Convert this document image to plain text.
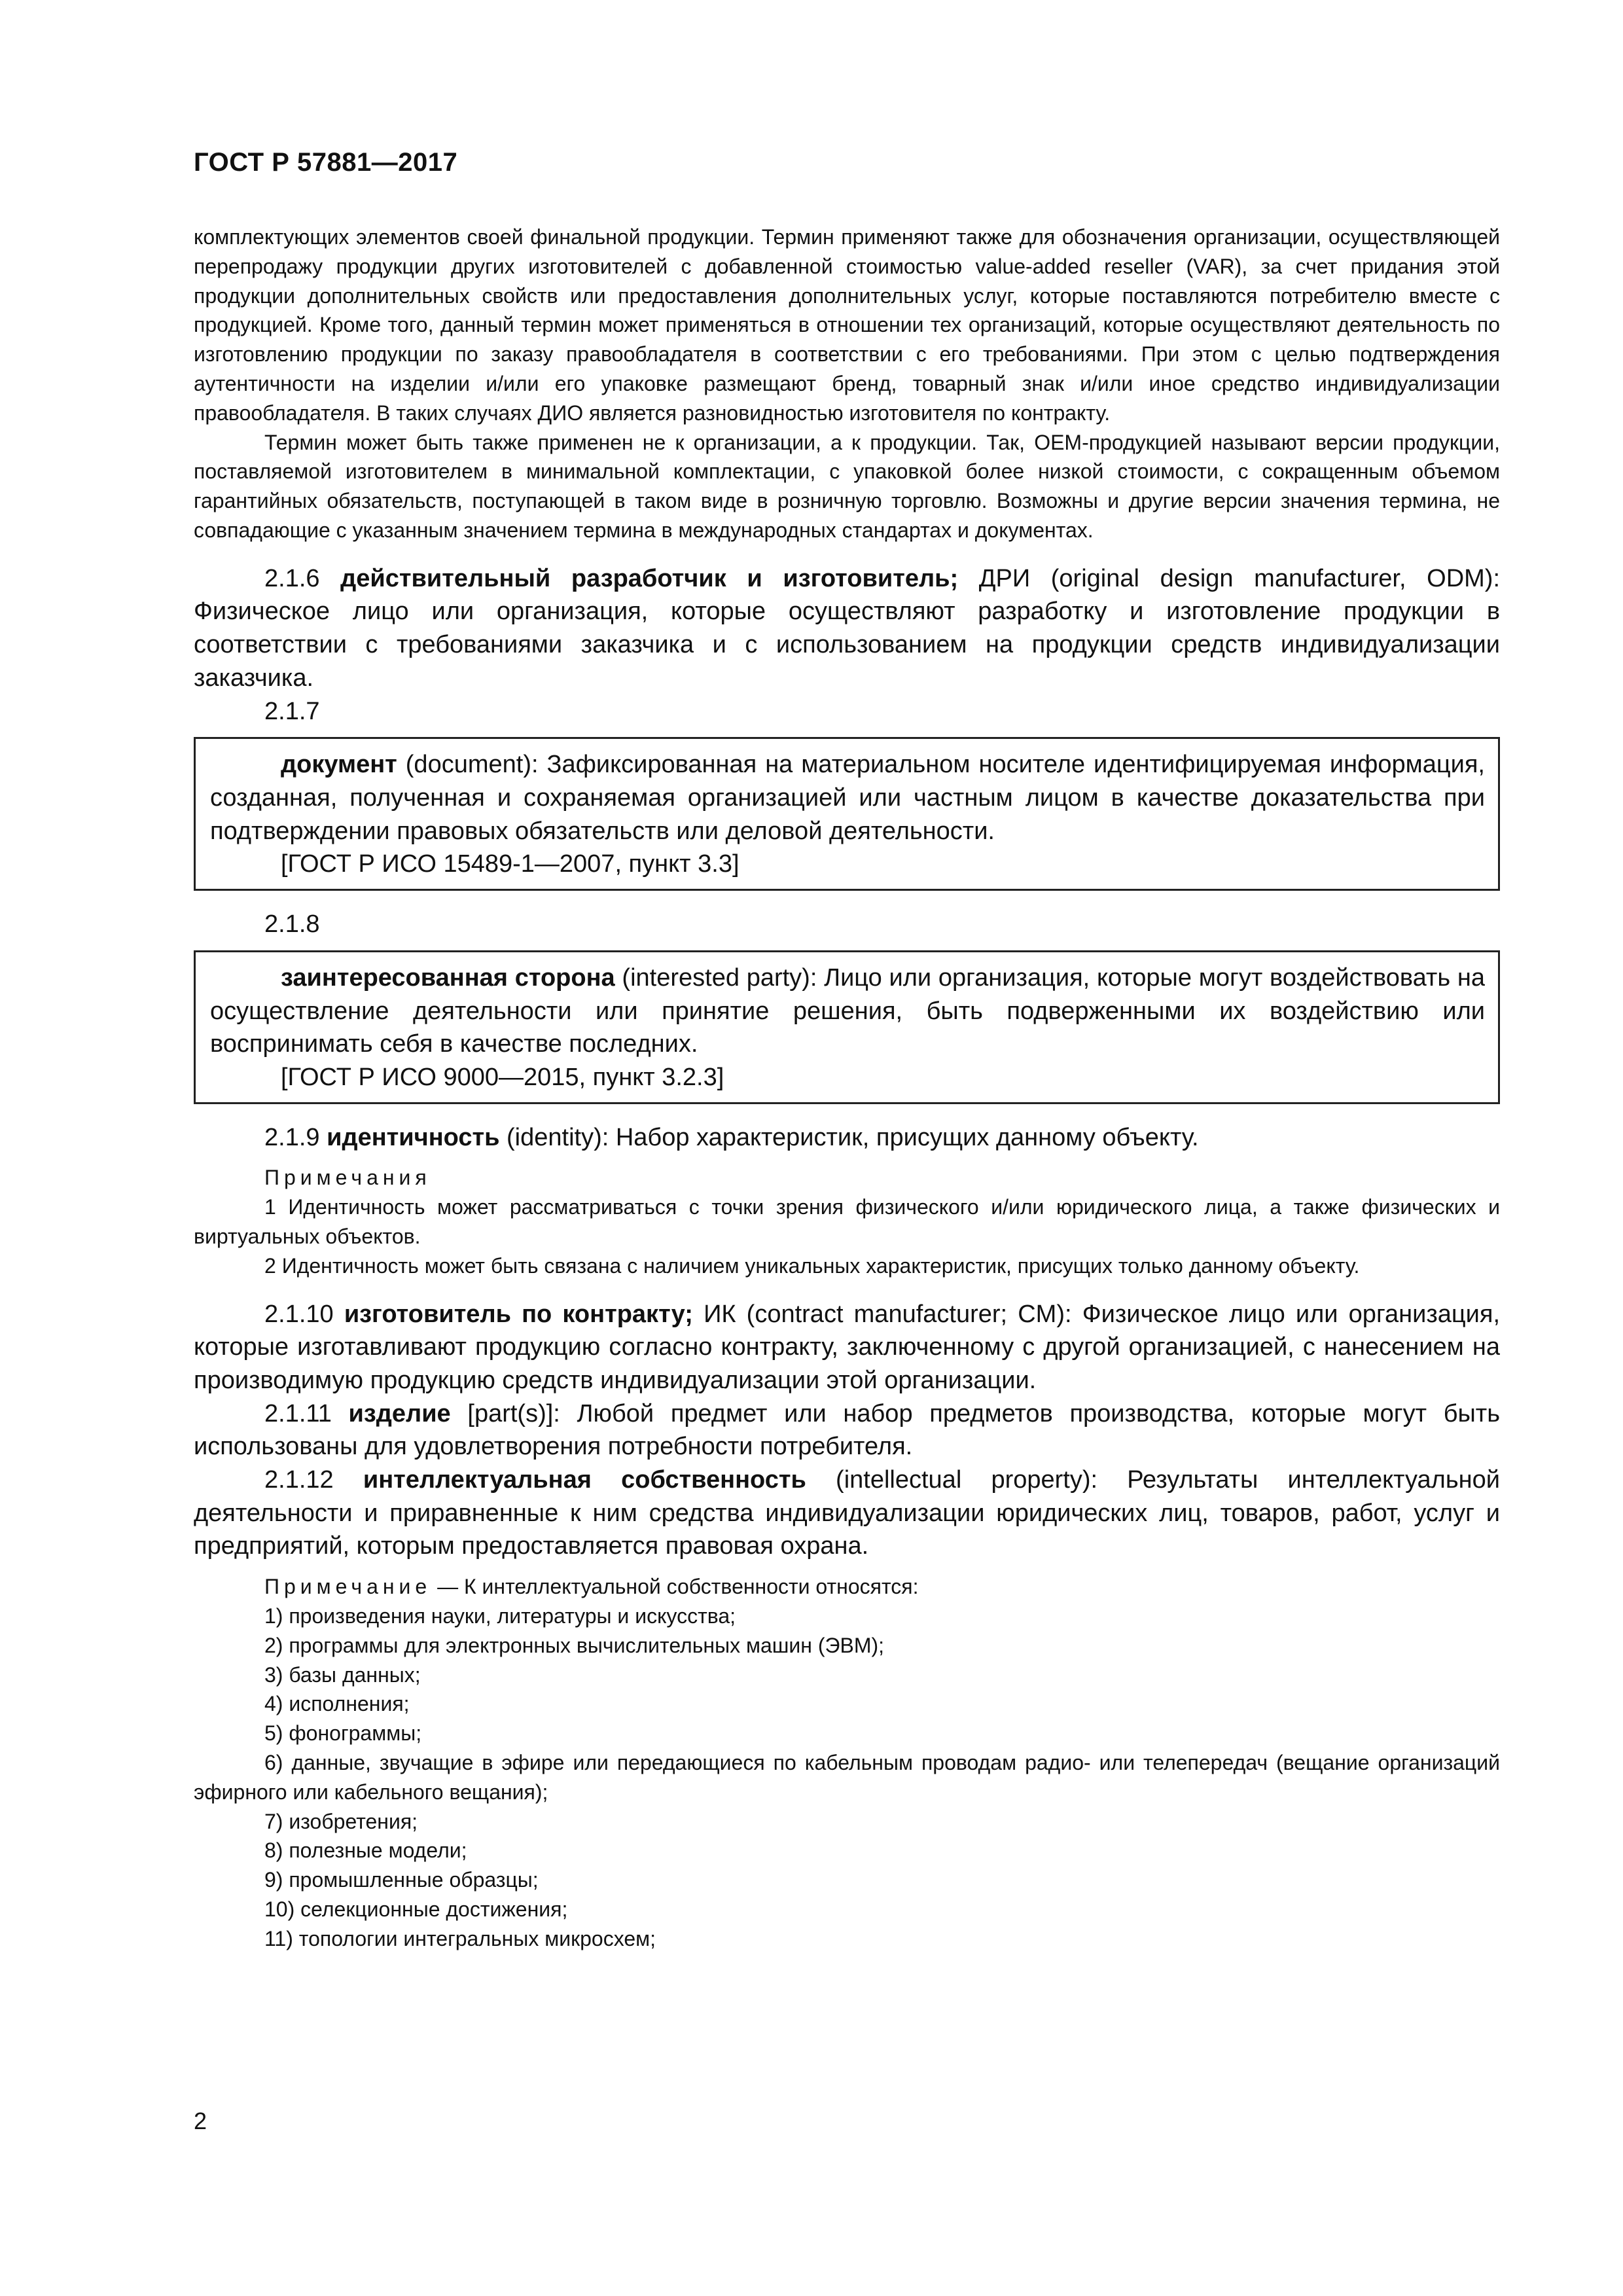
ГОСТ Р 57881—2017

комплектующих элементов своей финальной продукции. Термин применяют также для обозначения организации, осуществляющей перепродажу продукции других изготовителей с добавленной стоимостью value-added reseller (VAR), за счет придания этой продукции дополнительных свойств или предоставления дополнительных услуг, которые поставляются потребителю вместе с продукцией. Кроме того, данный термин может применяться в отношении тех организаций, которые осуществляют деятельность по изготовлению продукции по заказу правообладателя в соответствии с его требованиями. При этом с целью подтверждения аутентичности на изделии и/или его упаковке размещают бренд, товарный знак и/или иное средство индивидуализации правообладателя. В таких случаях ДИО является разновидностью изготовителя по контракту.

Термин может быть также применен не к организации, а к продукции. Так, OEM-продукцией называют версии продукции, поставляемой изготовителем в минимальной комплектации, с упаковкой более низкой стоимости, с сокращенным объемом гарантийных обязательств, поступающей в таком виде в розничную торговлю. Возможны и другие версии значения термина, не совпадающие с указанным значением термина в международных стандартах и документах.

2.1.6 действительный разработчик и изготовитель; ДРИ (original design manufacturer, ODM): Физическое лицо или организация, которые осуществляют разработку и изготовление продукции в соответствии с требованиями заказчика и с использованием на продукции средств индивидуализации заказчика.

2.1.7

документ (document): Зафиксированная на материальном носителе идентифицируемая информация, созданная, полученная и сохраняемая организацией или частным лицом в качестве доказательства при подтверждении правовых обязательств или деловой деятельности.

[ГОСТ Р ИСО 15489-1—2007, пункт 3.3]

2.1.8

заинтересованная сторона (interested party): Лицо или организация, которые могут воздействовать на осуществление деятельности или принятие решения, быть подверженными их воздействию или воспринимать себя в качестве последних.

[ГОСТ Р ИСО 9000—2015, пункт 3.2.3]

2.1.9 идентичность (identity): Набор характеристик, присущих данному объекту.

Примечания

1 Идентичность может рассматриваться с точки зрения физического и/или юридического лица, а также физических и виртуальных объектов.

2 Идентичность может быть связана с наличием уникальных характеристик, присущих только данному объекту.

2.1.10 изготовитель по контракту; ИК (contract manufacturer; CM): Физическое лицо или организация, которые изготавливают продукцию согласно контракту, заключенному с другой организацией, с нанесением на производимую продукцию средств индивидуализации этой организации.

2.1.11 изделие [part(s)]: Любой предмет или набор предметов производства, которые могут быть использованы для удовлетворения потребности потребителя.

2.1.12 интеллектуальная собственность (intellectual property): Результаты интеллектуальной деятельности и приравненные к ним средства индивидуализации юридических лиц, товаров, работ, услуг и предприятий, которым предоставляется правовая охрана.

Примечание — К интеллектуальной собственности относятся:

1) произведения науки, литературы и искусства;

2) программы для электронных вычислительных машин (ЭВМ);

3) базы данных;

4) исполнения;

5) фонограммы;

6) данные, звучащие в эфире или передающиеся по кабельным проводам радио- или телепередач (вещание организаций эфирного или кабельного вещания);

7) изобретения;

8) полезные модели;

9) промышленные образцы;

10) селекционные достижения;

11) топологии интегральных микросхем;

2
